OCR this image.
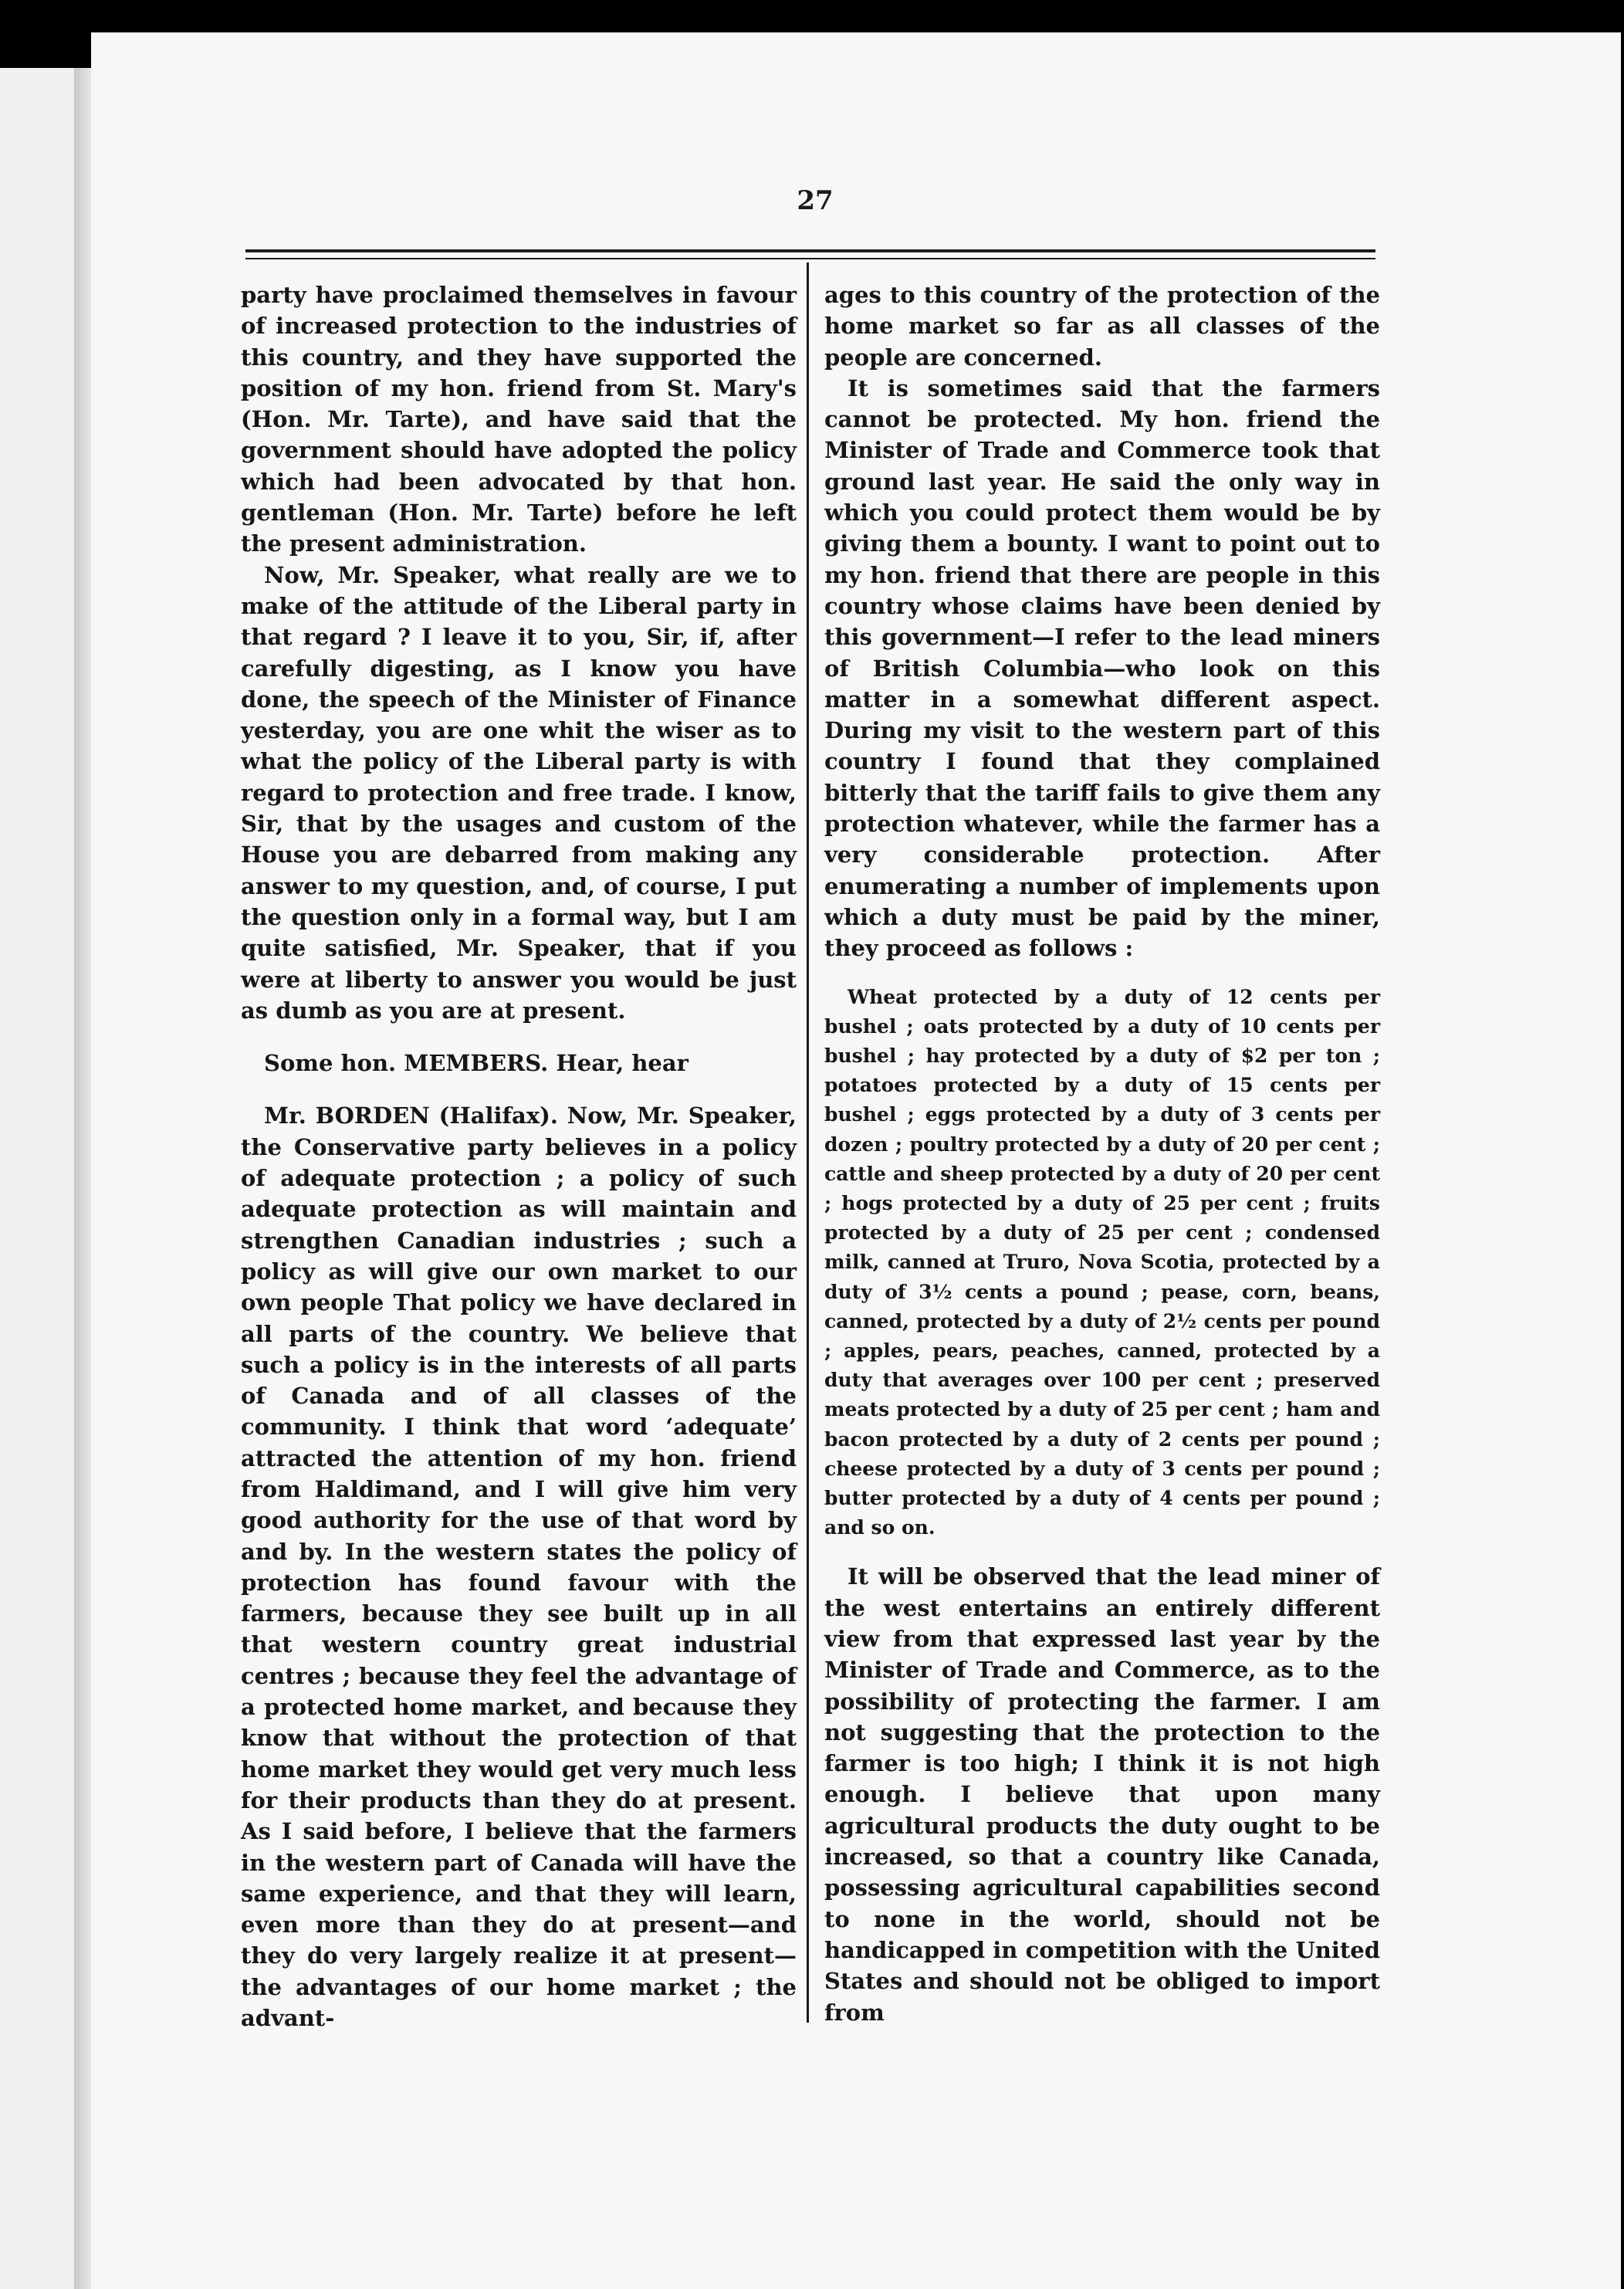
27

party have proclaimed themselves in favour of increased protection to the industries of this country, and they have supported the position of my hon. friend from St. Mary's (Hon. Mr. Tarte), and have said that the government should have adopted the policy which had been advocated by that hon. gentleman (Hon. Mr. Tarte) before he left the present administration.

Now, Mr. Speaker, what really are we to make of the attitude of the Liberal party in that regard ? I leave it to you, Sir, if, after carefully digesting, as I know you have done, the speech of the Minister of Finance yesterday, you are one whit the wiser as to what the policy of the Liberal party is with regard to protection and free trade. I know, Sir, that by the usages and custom of the House you are debarred from making any answer to my question, and, of course, I put the question only in a formal way, but I am quite satisfied, Mr. Speaker, that if you were at liberty to answer you would be just as dumb as you are at present.

Some hon. MEMBERS. Hear, hear

Mr. BORDEN (Halifax). Now, Mr. Speaker, the Conservative party believes in a policy of adequate protection ; a policy of such adequate protection as will maintain and strengthen Canadian industries ; such a policy as will give our own market to our own people That policy we have declared in all parts of the country. We believe that such a policy is in the interests of all parts of Canada and of all classes of the community. I think that word ‘adequate’ attracted the attention of my hon. friend from Haldimand, and I will give him very good authority for the use of that word by and by. In the western states the policy of protection has found favour with the farmers, because they see built up in all that western country great industrial centres ; because they feel the advantage of a protected home market, and because they know that without the protection of that home market they would get very much less for their products than they do at present. As I said before, I believe that the farmers in the western part of Canada will have the same experience, and that they will learn, even more than they do at present—and they do very largely realize it at present—the advantages of our home market ; the advant-

ages to this country of the protection of the home market so far as all classes of the people are concerned.

It is sometimes said that the farmers cannot be protected. My hon. friend the Minister of Trade and Commerce took that ground last year. He said the only way in which you could protect them would be by giving them a bounty. I want to point out to my hon. friend that there are people in this country whose claims have been denied by this government—I refer to the lead miners of British Columbia—who look on this matter in a somewhat different aspect. During my visit to the western part of this country I found that they complained bitterly that the tariff fails to give them any protection whatever, while the farmer has a very considerable protection. After enumerating a number of implements upon which a duty must be paid by the miner, they proceed as follows :

Wheat protected by a duty of 12 cents per bushel ; oats protected by a duty of 10 cents per bushel ; hay protected by a duty of $2 per ton ; potatoes protected by a duty of 15 cents per bushel ; eggs protected by a duty of 3 cents per dozen ; poultry protected by a duty of 20 per cent ; cattle and sheep protected by a duty of 20 per cent ; hogs protected by a duty of 25 per cent ; fruits protected by a duty of 25 per cent ; condensed milk, canned at Truro, Nova Scotia, protected by a duty of 3½ cents a pound ; pease, corn, beans, canned, protected by a duty of 2½ cents per pound ; apples, pears, peaches, canned, protected by a duty that averages over 100 per cent ; preserved meats protected by a duty of 25 per cent ; ham and bacon protected by a duty of 2 cents per pound ; cheese protected by a duty of 3 cents per pound ; butter protected by a duty of 4 cents per pound ; and so on.

It will be observed that the lead miner of the west entertains an entirely different view from that expressed last year by the Minister of Trade and Commerce, as to the possibility of protecting the farmer. I am not suggesting that the protection to the farmer is too high; I think it is not high enough. I believe that upon many agricultural products the duty ought to be increased, so that a country like Canada, possessing agricultural capabilities second to none in the world, should not be handicapped in competition with the United States and should not be obliged to import from
